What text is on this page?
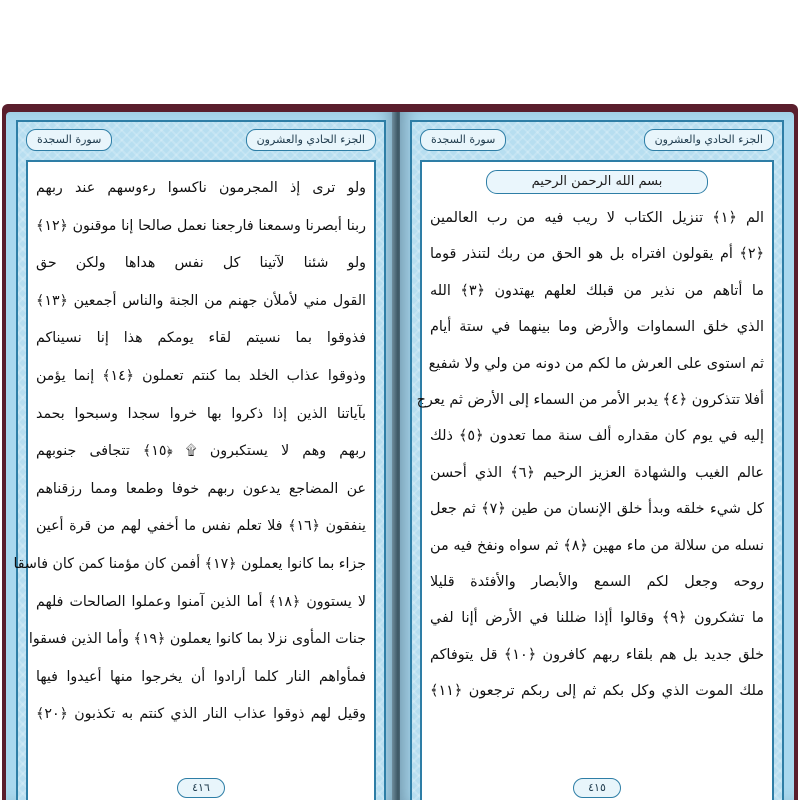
سورة السجدة	الجزء الحادي والعشرون
ولو ترى إذ المجرمون ناكسوا رءوسهم عند ربهم
ربنا أبصرنا وسمعنا فارجعنا نعمل صالحا إنا موقنون ﴿١٢﴾
ولو شئنا لآتينا كل نفس هداها ولكن حق
القول مني لأملأن جهنم من الجنة والناس أجمعين ﴿١٣﴾
فذوقوا بما نسيتم لقاء يومكم هذا إنا نسيناكم
وذوقوا عذاب الخلد بما كنتم تعملون ﴿١٤﴾ إنما يؤمن
بآياتنا الذين إذا ذكروا بها خروا سجدا وسبحوا بحمد
ربهم وهم لا يستكبرون ۩ ﴿١٥﴾ تتجافى جنوبهم
عن المضاجع يدعون ربهم خوفا وطمعا ومما رزقناهم
ينفقون ﴿١٦﴾ فلا تعلم نفس ما أخفي لهم من قرة أعين
جزاء بما كانوا يعملون ﴿١٧﴾ أفمن كان مؤمنا كمن كان فاسقا
لا يستوون ﴿١٨﴾ أما الذين آمنوا وعملوا الصالحات فلهم
جنات المأوى نزلا بما كانوا يعملون ﴿١٩﴾ وأما الذين فسقوا
فمأواهم النار كلما أرادوا أن يخرجوا منها أعيدوا فيها
وقيل لهم ذوقوا عذاب النار الذي كنتم به تكذبون ﴿٢٠﴾
٤١٦
سورة السجدة	الجزء الحادي والعشرون
بسم الله الرحمن الرحيم
الم ﴿١﴾ تنزيل الكتاب لا ريب فيه من رب العالمين
﴿٢﴾ أم يقولون افتراه بل هو الحق من ربك لتنذر قوما
ما أتاهم من نذير من قبلك لعلهم يهتدون ﴿٣﴾ الله
الذي خلق السماوات والأرض وما بينهما في ستة أيام
ثم استوى على العرش ما لكم من دونه من ولي ولا شفيع
أفلا تتذكرون ﴿٤﴾ يدبر الأمر من السماء إلى الأرض ثم يعرج
إليه في يوم كان مقداره ألف سنة مما تعدون ﴿٥﴾ ذلك
عالم الغيب والشهادة العزيز الرحيم ﴿٦﴾ الذي أحسن
كل شيء خلقه وبدأ خلق الإنسان من طين ﴿٧﴾ ثم جعل
نسله من سلالة من ماء مهين ﴿٨﴾ ثم سواه ونفخ فيه من
روحه وجعل لكم السمع والأبصار والأفئدة قليلا
ما تشكرون ﴿٩﴾ وقالوا أإذا ضللنا في الأرض أإنا لفي
خلق جديد بل هم بلقاء ربهم كافرون ﴿١٠﴾ قل يتوفاكم
ملك الموت الذي وكل بكم ثم إلى ربكم ترجعون ﴿١١﴾
٤١٥
